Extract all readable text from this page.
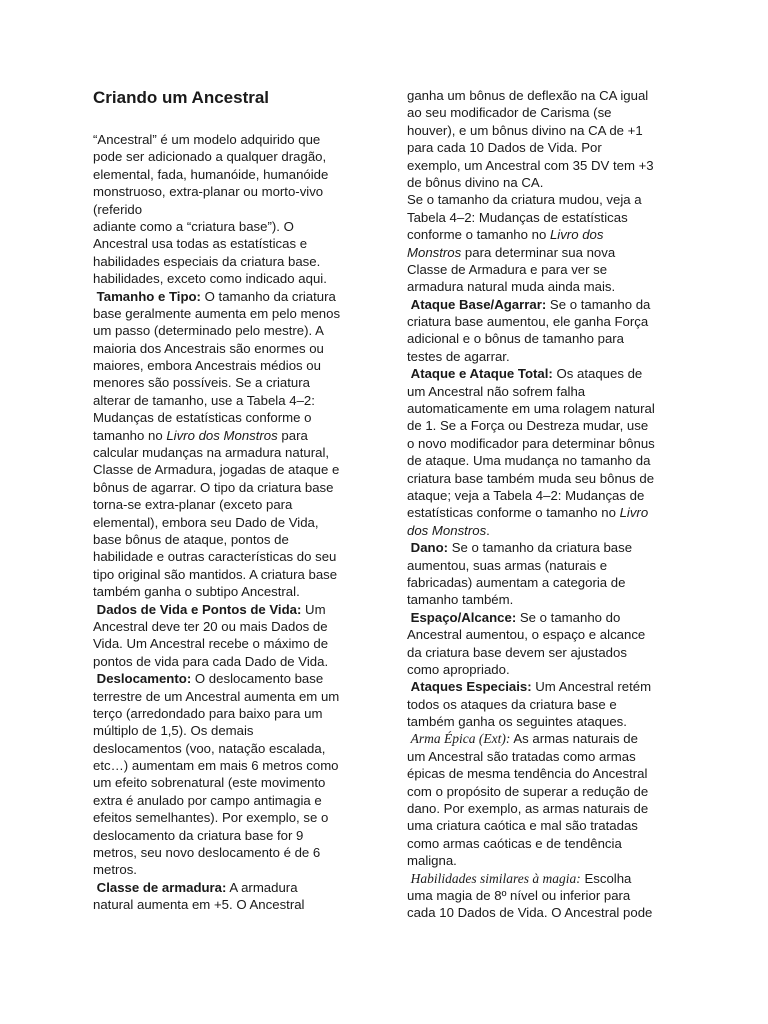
Criando um Ancestral
“Ancestral” é um modelo adquirido que
pode ser adicionado a qualquer dragão,
elemental, fada, humanóide, humanóide
monstruoso, extra-planar ou morto-vivo
(referido
adiante como a “criatura base”). O
Ancestral usa todas as estatísticas e
habilidades especiais da criatura base.
habilidades, exceto como indicado aqui.
Tamanho e Tipo: O tamanho da criatura
base geralmente aumenta em pelo menos
um passo (determinado pelo mestre). A
maioria dos Ancestrais são enormes ou
maiores, embora Ancestrais médios ou
menores são possíveis. Se a criatura
alterar de tamanho, use a Tabela 4–2:
Mudanças de estatísticas conforme o
tamanho no Livro dos Monstros para
calcular mudanças na armadura natural,
Classe de Armadura, jogadas de ataque e
bônus de agarrar. O tipo da criatura base
torna-se extra-planar (exceto para
elemental), embora seu Dado de Vida,
base bônus de ataque, pontos de
habilidade e outras características do seu
tipo original são mantidos. A criatura base
também ganha o subtipo Ancestral.
Dados de Vida e Pontos de Vida: Um
Ancestral deve ter 20 ou mais Dados de
Vida. Um Ancestral recebe o máximo de
pontos de vida para cada Dado de Vida.
Deslocamento: O deslocamento base
terrestre de um Ancestral aumenta em um
terço (arredondado para baixo para um
múltiplo de 1,5). Os demais
deslocamentos (voo, natação escalada,
etc…) aumentam em mais 6 metros como
um efeito sobrenatural (este movimento
extra é anulado por campo antimagia e
efeitos semelhantes). Por exemplo, se o
deslocamento da criatura base for 9
metros, seu novo deslocamento é de 6
metros.
Classe de armadura: A armadura
natural aumenta em +5. O Ancestral
ganha um bônus de deflexão na CA igual
ao seu modificador de Carisma (se
houver), e um bônus divino na CA de +1
para cada 10 Dados de Vida. Por
exemplo, um Ancestral com 35 DV tem +3
de bônus divino na CA.
Se o tamanho da criatura mudou, veja a
Tabela 4–2: Mudanças de estatísticas
conforme o tamanho no Livro dos
Monstros para determinar sua nova
Classe de Armadura e para ver se
armadura natural muda ainda mais.
Ataque Base/Agarrar: Se o tamanho da
criatura base aumentou, ele ganha Força
adicional e o bônus de tamanho para
testes de agarrar.
Ataque e Ataque Total: Os ataques de
um Ancestral não sofrem falha
automaticamente em uma rolagem natural
de 1. Se a Força ou Destreza mudar, use
o novo modificador para determinar bônus
de ataque. Uma mudança no tamanho da
criatura base também muda seu bônus de
ataque; veja a Tabela 4–2: Mudanças de
estatísticas conforme o tamanho no Livro
dos Monstros.
Dano: Se o tamanho da criatura base
aumentou, suas armas (naturais e
fabricadas) aumentam a categoria de
tamanho também.
Espaço/Alcance: Se o tamanho do
Ancestral aumentou, o espaço e alcance
da criatura base devem ser ajustados
como apropriado.
Ataques Especiais: Um Ancestral retém
todos os ataques da criatura base e
também ganha os seguintes ataques.
Arma Épica (Ext): As armas naturais de
um Ancestral são tratadas como armas
épicas de mesma tendência do Ancestral
com o propósito de superar a redução de
dano. Por exemplo, as armas naturais de
uma criatura caótica e mal são tratadas
como armas caóticas e de tendência
maligna.
Habilidades similares à magia: Escolha
uma magia de 8º nível ou inferior para
cada 10 Dados de Vida. O Ancestral pode
